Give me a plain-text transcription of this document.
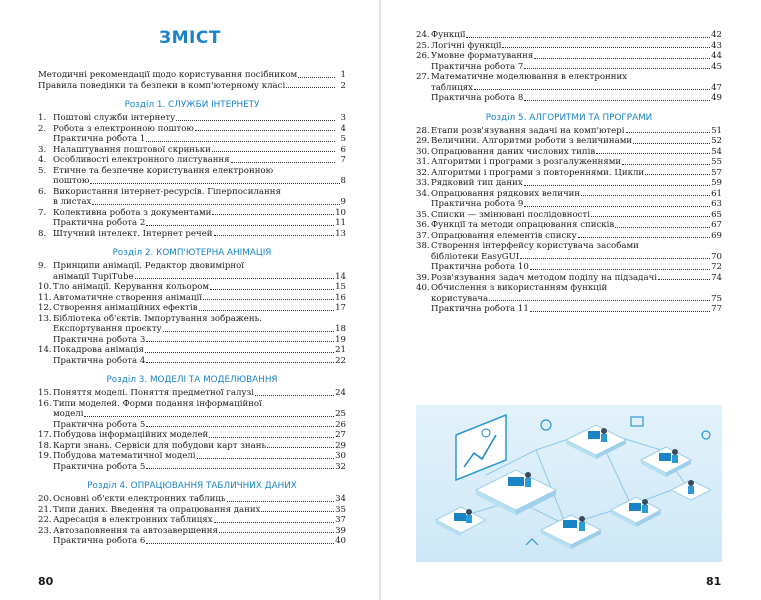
ЗМІСТ
Методичні рекомендації щодо користування посібником	1
Правила поведінки та безпеки в комп'ютерному класі	2
Розділ 1. СЛУЖБИ ІНТЕРНЕТУ
1. Поштові служби інтернету	3
2. Робота з електронною поштою	4
Практична робота 1	5
3. Налаштування поштової скриньки	6
4. Особливості електронного листування	7
5. Етичне та безпечне користування електронною
поштою	8
6. Використання інтернет-ресурсів. Гіперпосилання
в листах	9
7. Колективна робота з документами	10
Практична робота 2	11
8. Штучний інтелект. Інтернет речей	13
Розділ 2. КОМП'ЮТЕРНА АНІМАЦІЯ
9. Принципи анімації. Редактор двовимірної
анімації TupiTube	14
10. Тло анімації. Керування кольором	15
11. Автоматичне створення анімації	16
12. Створення анімаційних ефектів	17
13. Бібліотека об'єктів. Імпортування зображень.
Експортування проєкту	18
Практична робота 3	19
14. Покадрова анімація	21
Практична робота 4	22
Розділ 3. МОДЕЛІ ТА МОДЕЛЮВАННЯ
15. Поняття моделі. Поняття предметної галузі	24
16. Типи моделей. Форми подання інформаційної
моделі	25
Практична робота 5	26
17. Побудова інформаційних моделей	27
18. Карти знань. Сервіси для побудови карт знань	29
19. Побудова математичної моделі	30
Практична робота 5	32
Розділ 4. ОПРАЦЮВАННЯ ТАБЛИЧНИХ ДАНИХ
20. Основні об'єкти електронних таблиць	34
21. Типи даних. Введення та опрацювання даних	35
22. Адресація в електронних таблицях	37
23. Автозаповнення та автозавершення	39
Практична робота 6	40
80
24. Функції	42
25. Логічні функції	43
26. Умовне форматування	44
Практична робота 7	45
27. Математичне моделювання в електронних
таблицях	47
Практична робота 8	49
Розділ 5. АЛГОРИТМИ ТА ПРОГРАМИ
28. Етапи розв'язування задачі на комп'ютері	51
29. Величини. Алгоритми роботи з величинами	52
30. Опрацювання даних числових типів	54
31. Алгоритми і програми з розгалуженнями	55
32. Алгоритми і програми з повтореннями. Цикли	57
33. Рядковий тип даних	59
34. Опрацювання рядкових величин	61
Практична робота 9	63
35. Списки — змінювані послідовності	65
36. Функції та методи опрацювання списків	67
37. Опрацювання елементів списку	69
38. Створення інтерфейсу користувача засобами
бібліотеки EasyGUI	70
Практична робота 10	72
39. Розв'язування задач методом поділу на підзадачі	74
40. Обчислення з використанням функцій
користувача	75
Практична робота 11	77
81
